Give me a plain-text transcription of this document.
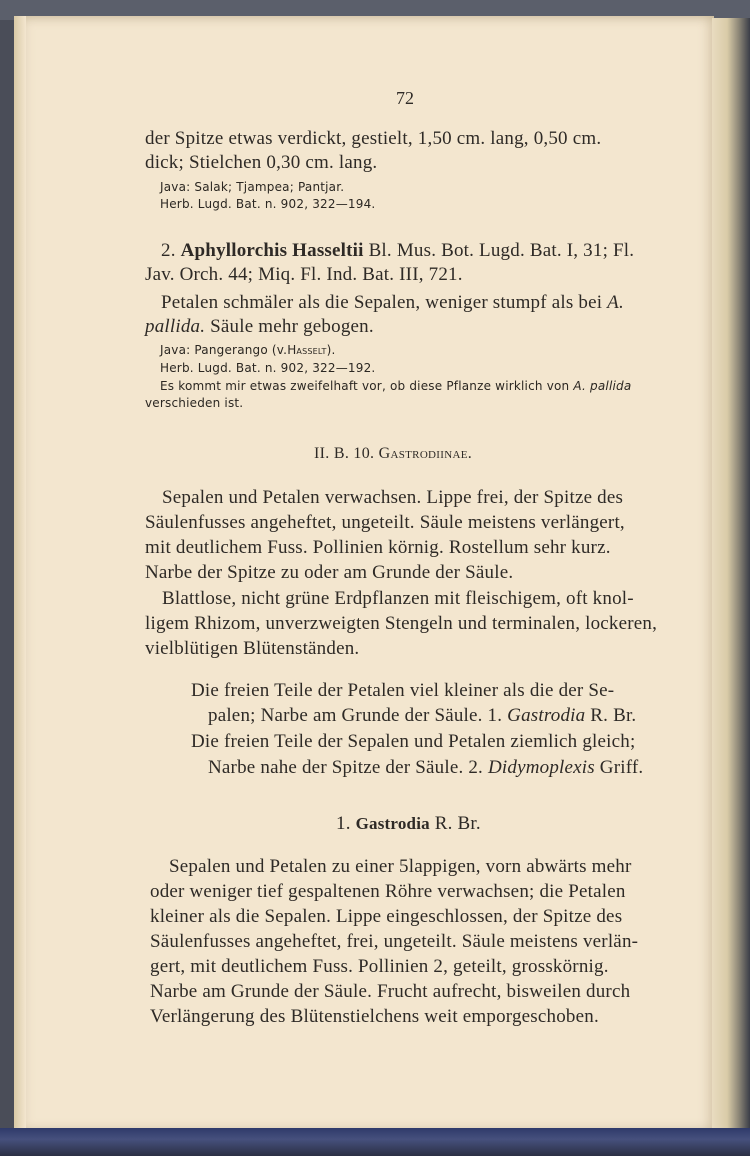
72
der Spitze etwas verdickt, gestielt, 1,50 cm. lang, 0,50 cm.
dick; Stielchen 0,30 cm. lang.
Java: Salak; Tjampea; Pantjar.
Herb. Lugd. Bat. n. 902, 322—194.
2. Aphyllorchis Hasseltii Bl. Mus. Bot. Lugd. Bat. I, 31; Fl.
Jav. Orch. 44; Miq. Fl. Ind. Bat. III, 721.
Petalen schmäler als die Sepalen, weniger stumpf als bei A.
pallida. Säule mehr gebogen.
Java: Pangerango (v.Hasselt).
Herb. Lugd. Bat. n. 902, 322—192.
Es kommt mir etwas zweifelhaft vor, ob diese Pflanze wirklich von A. pallida
verschieden ist.
II. B. 10. Gastrodiinae.
Sepalen und Petalen verwachsen. Lippe frei, der Spitze des
Säulenfusses angeheftet, ungeteilt. Säule meistens verlängert,
mit deutlichem Fuss. Pollinien körnig. Rostellum sehr kurz.
Narbe der Spitze zu oder am Grunde der Säule.
Blattlose, nicht grüne Erdpflanzen mit fleischigem, oft knol-
ligem Rhizom, unverzweigten Stengeln und terminalen, lockeren,
vielblütigen Blütenständen.
Die freien Teile der Petalen viel kleiner als die der Se-
palen; Narbe am Grunde der Säule. 1. Gastrodia R. Br.
Die freien Teile der Sepalen und Petalen ziemlich gleich;
Narbe nahe der Spitze der Säule. 2. Didymoplexis Griff.
1. Gastrodia R. Br.
Sepalen und Petalen zu einer 5lappigen, vorn abwärts mehr
oder weniger tief gespaltenen Röhre verwachsen; die Petalen
kleiner als die Sepalen. Lippe eingeschlossen, der Spitze des
Säulenfusses angeheftet, frei, ungeteilt. Säule meistens verlän-
gert, mit deutlichem Fuss. Pollinien 2, geteilt, grosskörnig.
Narbe am Grunde der Säule. Frucht aufrecht, bisweilen durch
Verlängerung des Blütenstielchens weit emporgeschoben.
